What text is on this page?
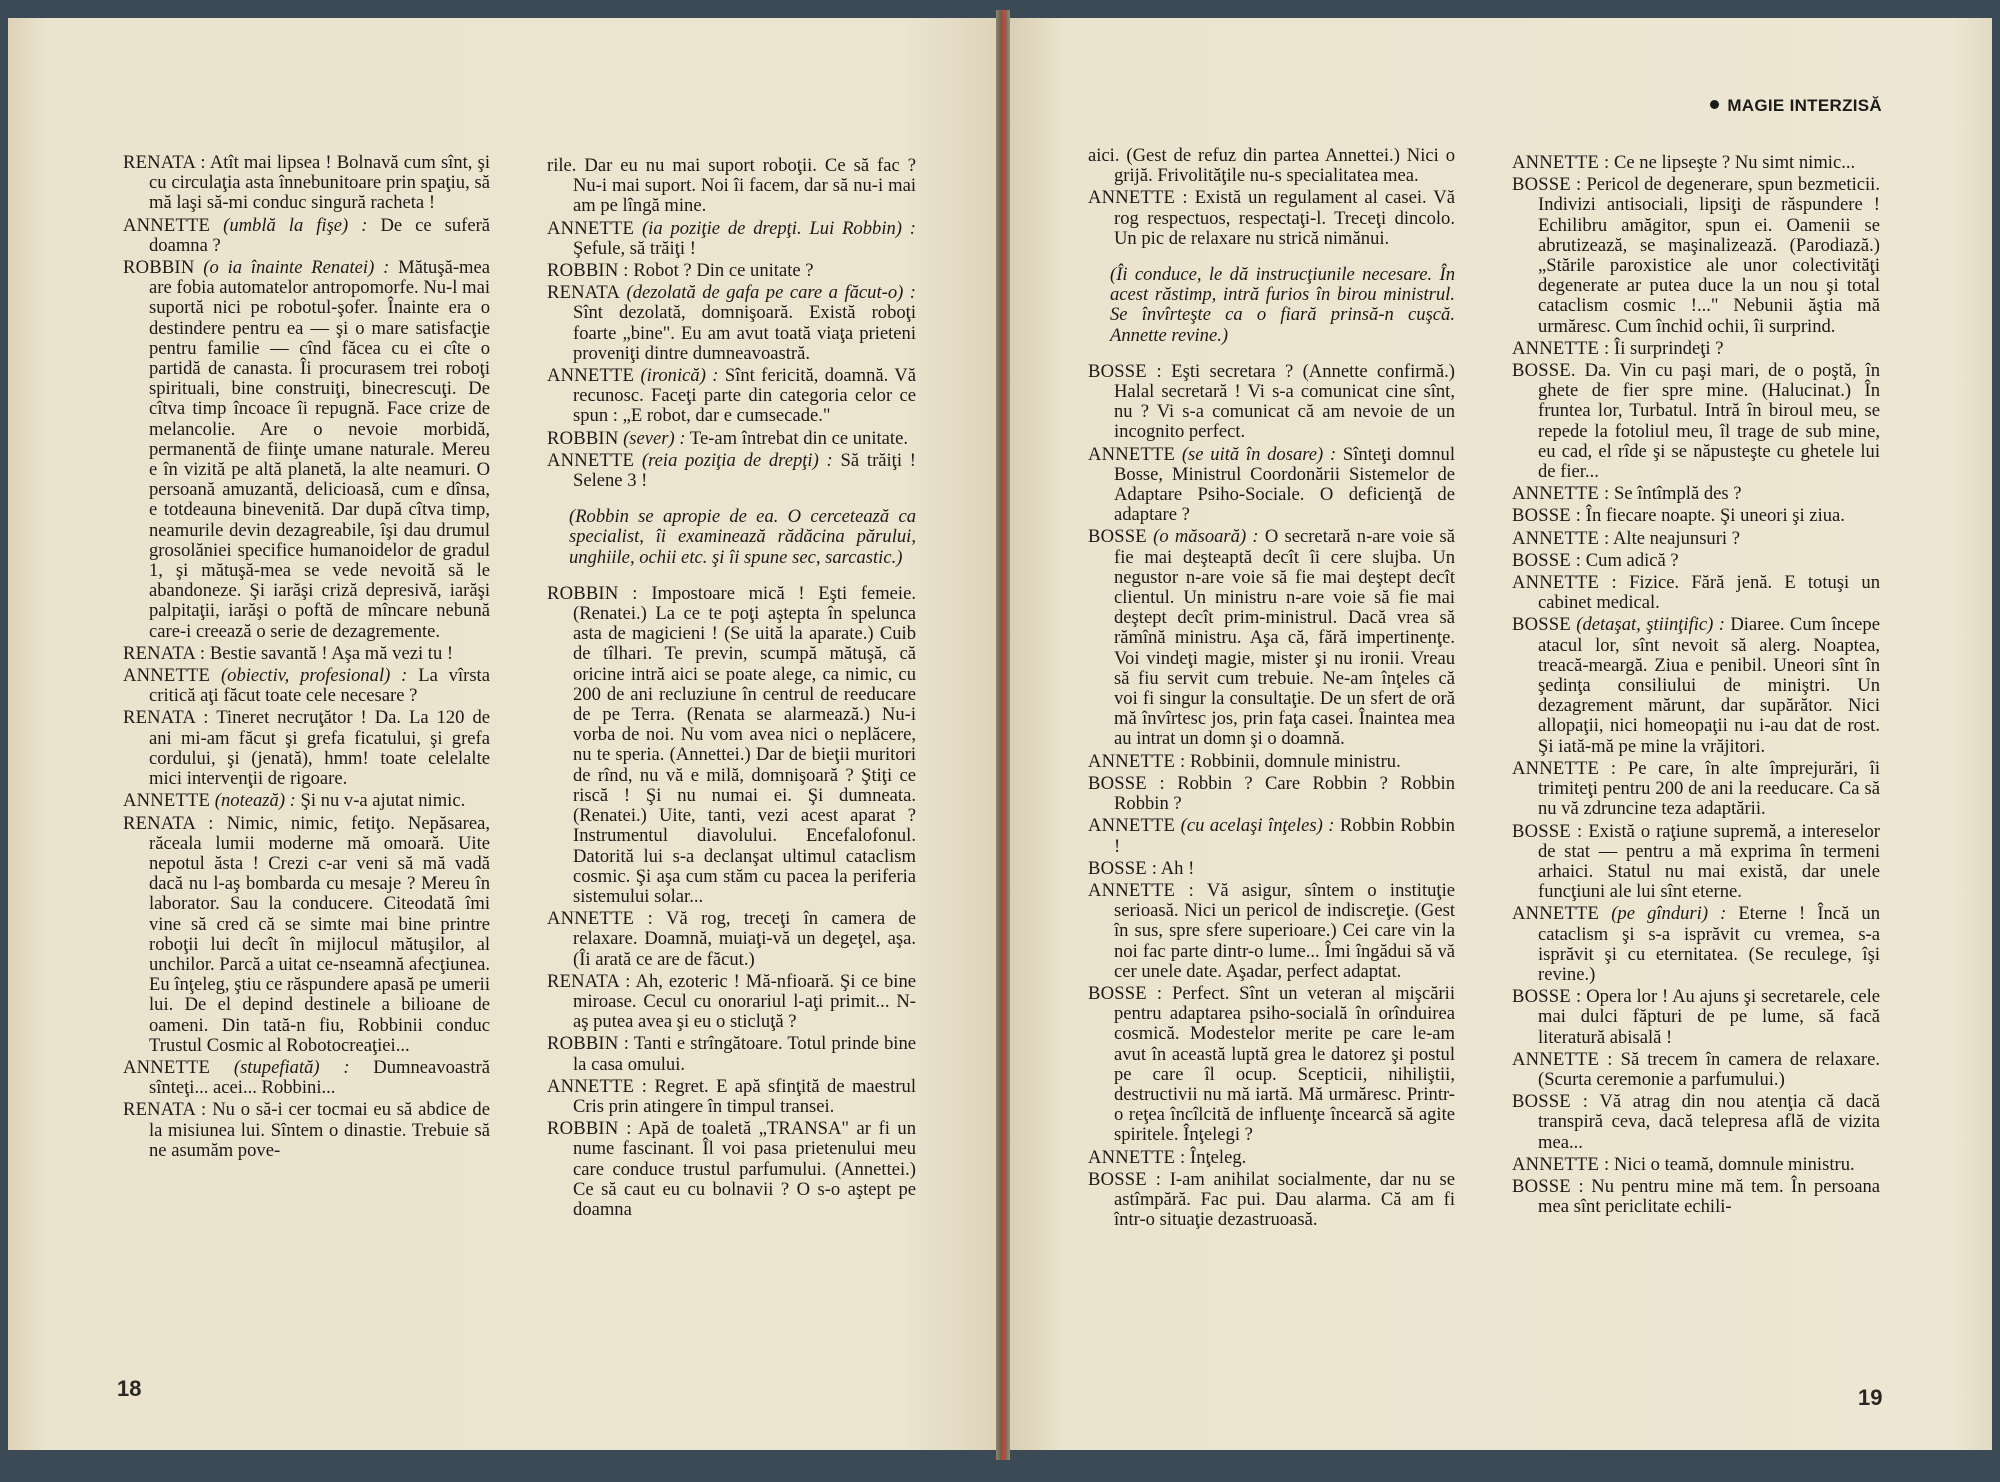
MAGIE INTERZISĂ

RENATA : Atît mai lipsea ! Bolnavă cum sînt, şi cu circulaţia asta înnebunitoare prin spaţiu, să mă laşi să-mi conduc singură racheta !

ANNETTE (umblă la fişe) : De ce suferă doamna ?

ROBBIN (o ia înainte Renatei) : Mătuşă-mea are fobia automatelor antropomorfe. Nu-l mai suportă nici pe robotul-şofer. Înainte era o destindere pentru ea — şi o mare satisfacţie pentru familie — cînd făcea cu ei cîte o partidă de canasta. Îi procurasem trei roboţi spirituali, bine construiţi, binecrescuţi. De cîtva timp încoace îi repugnă. Face crize de melancolie. Are o nevoie morbidă, permanentă de fiinţe umane naturale. Mereu e în vizită pe altă planetă, la alte neamuri. O persoană amuzantă, delicioasă, cum e dînsa, e totdeauna binevenită. Dar după cîtva timp, neamurile devin dezagreabile, îşi dau drumul grosolăniei specifice humanoidelor de gradul 1, şi mătuşă-mea se vede nevoită să le abandoneze. Şi iarăşi criză depresivă, iarăşi palpitaţii, iarăşi o poftă de mîncare nebună care-i creează o serie de dezagremente.

RENATA : Bestie savantă ! Aşa mă vezi tu !

ANNETTE (obiectiv, profesional) : La vîrsta critică aţi făcut toate cele necesare ?

RENATA : Tineret necruţător ! Da. La 120 de ani mi-am făcut şi grefa ficatului, şi grefa cordului, şi (jenată), hmm! toate celelalte mici intervenţii de rigoare.

ANNETTE (notează) : Şi nu v-a ajutat nimic.

RENATA : Nimic, nimic, fetiţo. Nepăsarea, răceala lumii moderne mă omoară. Uite nepotul ăsta ! Crezi c-ar veni să mă vadă dacă nu l-aş bombarda cu mesaje ? Mereu în laborator. Sau la conducere. Citeodată îmi vine să cred că se simte mai bine printre roboţii lui decît în mijlocul mătuşilor, al unchilor. Parcă a uitat ce-nseamnă afecţiunea. Eu înţeleg, ştiu ce răspundere apasă pe umerii lui. De el depind destinele a bilioane de oameni. Din tată-n fiu, Robbinii conduc Trustul Cosmic al Robotocreaţiei...

ANNETTE (stupefiată) : Dumneavoastră sînteţi... acei... Robbini...

RENATA : Nu o să-i cer tocmai eu să abdice de la misiunea lui. Sîntem o dinastie. Trebuie să ne asumăm pove-

rile. Dar eu nu mai suport roboţii. Ce să fac ? Nu-i mai suport. Noi îi facem, dar să nu-i mai am pe lîngă mine.

ANNETTE (ia poziţie de drepţi. Lui Robbin) : Şefule, să trăiţi !

ROBBIN : Robot ? Din ce unitate ?

RENATA (dezolată de gafa pe care a făcut-o) : Sînt dezolată, domnişoară. Există roboţi foarte „bine". Eu am avut toată viaţa prieteni proveniţi dintre dumneavoastră.

ANNETTE (ironică) : Sînt fericită, doamnă. Vă recunosc. Faceţi parte din categoria celor ce spun : „E robot, dar e cumsecade."

ROBBIN (sever) : Te-am întrebat din ce unitate.

ANNETTE (reia poziţia de drepţi) : Să trăiţi ! Selene 3 !

(Robbin se apropie de ea. O cercetează ca specialist, îi examinează rădăcina părului, unghiile, ochii etc. şi îi spune sec, sarcastic.)

ROBBIN : Impostoare mică ! Eşti femeie. (Renatei.) La ce te poţi aştepta în spelunca asta de magicieni ! (Se uită la aparate.) Cuib de tîlhari. Te previn, scumpă mătuşă, că oricine intră aici se poate alege, ca nimic, cu 200 de ani recluziune în centrul de reeducare de pe Terra. (Renata se alarmează.) Nu-i vorba de noi. Nu vom avea nici o neplăcere, nu te speria. (Annettei.) Dar de bieţii muritori de rînd, nu vă e milă, domnişoară ? Ştiţi ce riscă ! Şi nu numai ei. Şi dumneata. (Renatei.) Uite, tanti, vezi acest aparat ? Instrumentul diavolului. Encefalofonul. Datorită lui s-a declanşat ultimul cataclism cosmic. Şi aşa cum stăm cu pacea la periferia sistemului solar...

ANNETTE : Vă rog, treceţi în camera de relaxare. Doamnă, muiaţi-vă un degeţel, aşa. (Îi arată ce are de făcut.)

RENATA : Ah, ezoteric ! Mă-nfioară. Şi ce bine miroase. Cecul cu onorariul l-aţi primit... N-aş putea avea şi eu o sticluţă ?

ROBBIN : Tanti e strîngătoare. Totul prinde bine la casa omului.

ANNETTE : Regret. E apă sfinţită de maestrul Cris prin atingere în timpul transei.

ROBBIN : Apă de toaletă „TRANSA" ar fi un nume fascinant. Îl voi pasa prietenului meu care conduce trustul parfumului. (Annettei.) Ce să caut eu cu bolnavii ? O s-o aştept pe doamna

aici. (Gest de refuz din partea Annettei.) Nici o grijă. Frivolităţile nu-s specialitatea mea.

ANNETTE : Există un regulament al casei. Vă rog respectuos, respectaţi-l. Treceţi dincolo. Un pic de relaxare nu strică nimănui.

(Îi conduce, le dă instrucţiunile necesare. În acest răstimp, intră furios în birou ministrul. Se învîrteşte ca o fiară prinsă-n cuşcă. Annette revine.)

BOSSE : Eşti secretara ? (Annette confirmă.) Halal secretară ! Vi s-a comunicat cine sînt, nu ? Vi s-a comunicat că am nevoie de un incognito perfect.

ANNETTE (se uită în dosare) : Sînteţi domnul Bosse, Ministrul Coordonării Sistemelor de Adaptare Psiho-Sociale. O deficienţă de adaptare ?

BOSSE (o măsoară) : O secretară n-are voie să fie mai deşteaptă decît îi cere slujba. Un negustor n-are voie să fie mai deştept decît clientul. Un ministru n-are voie să fie mai deştept decît prim-ministrul. Dacă vrea să rămînă ministru. Aşa că, fără impertinenţe. Voi vindeţi magie, mister şi nu ironii. Vreau să fiu servit cum trebuie. Ne-am înţeles că voi fi singur la consultaţie. De un sfert de oră mă învîrtesc jos, prin faţa casei. Înaintea mea au intrat un domn şi o doamnă.

ANNETTE : Robbinii, domnule ministru.

BOSSE : Robbin ? Care Robbin ? Robbin Robbin ?

ANNETTE (cu acelaşi înţeles) : Robbin Robbin !

BOSSE : Ah !

ANNETTE : Vă asigur, sîntem o instituţie serioasă. Nici un pericol de indiscreţie. (Gest în sus, spre sfere superioare.) Cei care vin la noi fac parte dintr-o lume... Îmi îngădui să vă cer unele date. Aşadar, perfect adaptat.

BOSSE : Perfect. Sînt un veteran al mişcării pentru adaptarea psiho-socială în orînduirea cosmică. Modestelor merite pe care le-am avut în această luptă grea le datorez şi postul pe care îl ocup. Scepticii, nihiliştii, destructivii nu mă iartă. Mă urmăresc. Printr-o reţea încîlcită de influenţe încearcă să agite spiritele. Înţelegi ?

ANNETTE : Înţeleg.

BOSSE : I-am anihilat socialmente, dar nu se astîmpără. Fac pui. Dau alarma. Că am fi într-o situaţie dezastruoasă.

ANNETTE : Ce ne lipseşte ? Nu simt nimic...

BOSSE : Pericol de degenerare, spun bezmeticii. Indivizi antisociali, lipsiţi de răspundere ! Echilibru amăgitor, spun ei. Oamenii se abrutizează, se maşinalizează. (Parodiază.) „Stările paroxistice ale unor colectivităţi degenerate ar putea duce la un nou şi total cataclism cosmic !..." Nebunii ăştia mă urmăresc. Cum închid ochii, îi surprind.

ANNETTE : Îi surprindeţi ?

BOSSE. Da. Vin cu paşi mari, de o poştă, în ghete de fier spre mine. (Halucinat.) În fruntea lor, Turbatul. Intră în biroul meu, se repede la fotoliul meu, îl trage de sub mine, eu cad, el rîde şi se năpusteşte cu ghetele lui de fier...

ANNETTE : Se întîmplă des ?

BOSSE : În fiecare noapte. Şi uneori şi ziua.

ANNETTE : Alte neajunsuri ?

BOSSE : Cum adică ?

ANNETTE : Fizice. Fără jenă. E totuşi un cabinet medical.

BOSSE (detaşat, ştiinţific) : Diaree. Cum începe atacul lor, sînt nevoit să alerg. Noaptea, treacă-meargă. Ziua e penibil. Uneori sînt în şedinţa consiliului de miniştri. Un dezagrement mărunt, dar supărător. Nici allopaţii, nici homeopaţii nu i-au dat de rost. Şi iată-mă pe mine la vrăjitori.

ANNETTE : Pe care, în alte împrejurări, îi trimiteţi pentru 200 de ani la reeducare. Ca să nu vă zdruncine teza adaptării.

BOSSE : Există o raţiune supremă, a intereselor de stat — pentru a mă exprima în termeni arhaici. Statul nu mai există, dar unele funcţiuni ale lui sînt eterne.

ANNETTE (pe gînduri) : Eterne ! Încă un cataclism şi s-a isprăvit cu vremea, s-a isprăvit şi cu eternitatea. (Se reculege, îşi revine.)

BOSSE : Opera lor ! Au ajuns şi secretarele, cele mai dulci făpturi de pe lume, să facă literatură abisală !

ANNETTE : Să trecem în camera de relaxare. (Scurta ceremonie a parfumului.)

BOSSE : Vă atrag din nou atenţia că dacă transpiră ceva, dacă telepresa află de vizita mea...

ANNETTE : Nici o teamă, domnule ministru.

BOSSE : Nu pentru mine mă tem. În persoana mea sînt periclitate echili-

18	19
